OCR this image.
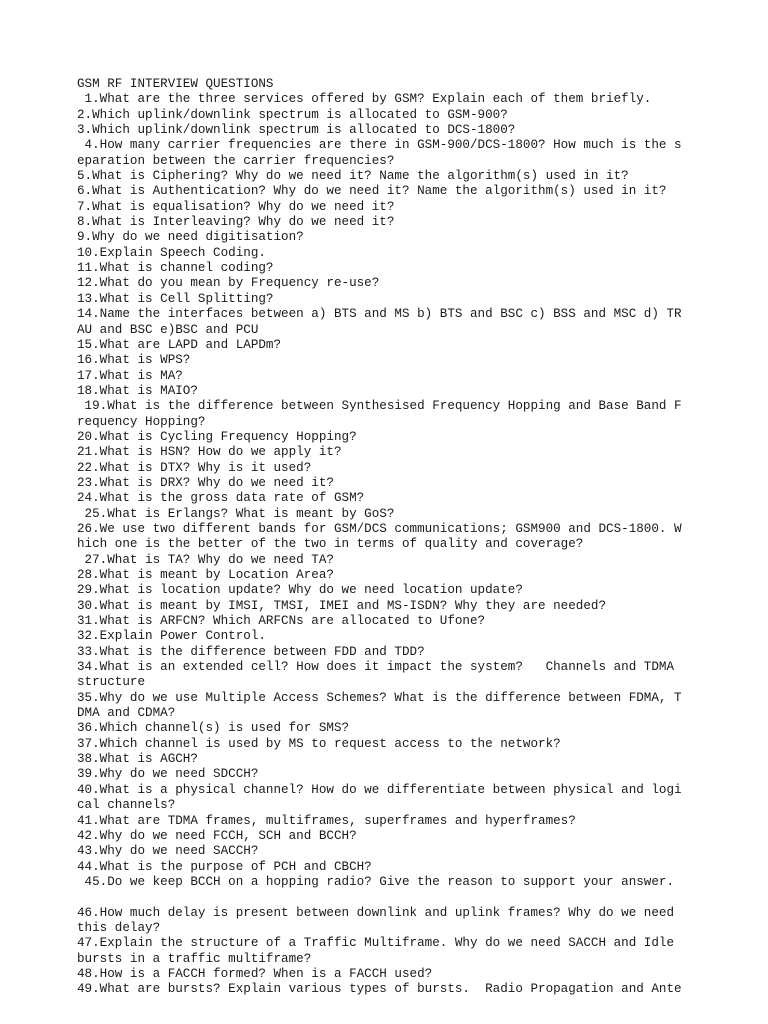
GSM RF INTERVIEW QUESTIONS
1.What are the three services offered by GSM? Explain each of them briefly.
2.Which uplink/downlink spectrum is allocated to GSM-900?
3.Which uplink/downlink spectrum is allocated to DCS-1800?
4.How many carrier frequencies are there in GSM-900/DCS-1800? How much is the s
eparation between the carrier frequencies?
5.What is Ciphering? Why do we need it? Name the algorithm(s) used in it?
6.What is Authentication? Why do we need it? Name the algorithm(s) used in it?
7.What is equalisation? Why do we need it?
8.What is Interleaving? Why do we need it?
9.Why do we need digitisation?
10.Explain Speech Coding.
11.What is channel coding?
12.What do you mean by Frequency re-use?
13.What is Cell Splitting?
14.Name the interfaces between a) BTS and MS b) BTS and BSC c) BSS and MSC d) TR
AU and BSC e)BSC and PCU
15.What are LAPD and LAPDm?
16.What is WPS?
17.What is MA?
18.What is MAIO?
19.What is the difference between Synthesised Frequency Hopping and Base Band F
requency Hopping?
20.What is Cycling Frequency Hopping?
21.What is HSN? How do we apply it?
22.What is DTX? Why is it used?
23.What is DRX? Why do we need it?
24.What is the gross data rate of GSM?
25.What is Erlangs? What is meant by GoS?
26.We use two different bands for GSM/DCS communications; GSM900 and DCS-1800. W
hich one is the better of the two in terms of quality and coverage?
27.What is TA? Why do we need TA?
28.What is meant by Location Area?
29.What is location update? Why do we need location update?
30.What is meant by IMSI, TMSI, IMEI and MS-ISDN? Why they are needed?
31.What is ARFCN? Which ARFCNs are allocated to Ufone?
32.Explain Power Control.
33.What is the difference between FDD and TDD?
34.What is an extended cell? How does it impact the system?   Channels and TDMA
structure
35.Why do we use Multiple Access Schemes? What is the difference between FDMA, T
DMA and CDMA?
36.Which channel(s) is used for SMS?
37.Which channel is used by MS to request access to the network?
38.What is AGCH?
39.Why do we need SDCCH?
40.What is a physical channel? How do we differentiate between physical and logi
cal channels?
41.What are TDMA frames, multiframes, superframes and hyperframes?
42.Why do we need FCCH, SCH and BCCH?
43.Why do we need SACCH?
44.What is the purpose of PCH and CBCH?
45.Do we keep BCCH on a hopping radio? Give the reason to support your answer.
46.How much delay is present between downlink and uplink frames? Why do we need
this delay?
47.Explain the structure of a Traffic Multiframe. Why do we need SACCH and Idle
bursts in a traffic multiframe?
48.How is a FACCH formed? When is a FACCH used?
49.What are bursts? Explain various types of bursts.  Radio Propagation and Ante
